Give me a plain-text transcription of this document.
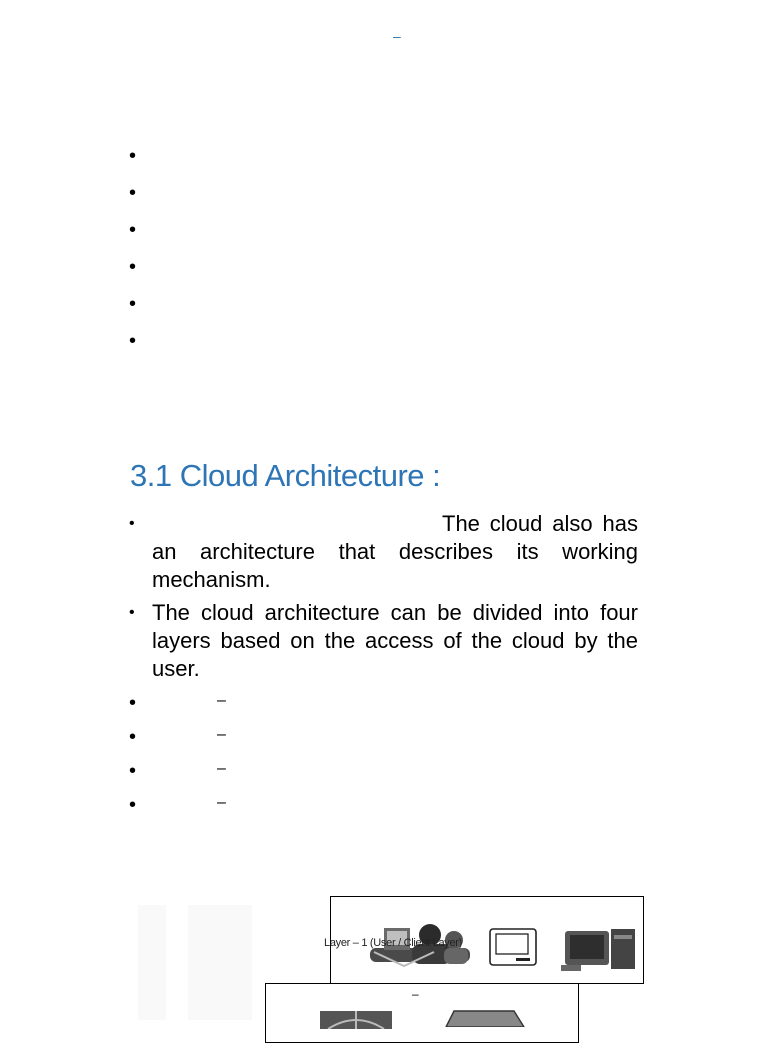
–
•
•
•
•
•
•
3.1 Cloud Architecture :
•	The cloud also has an architecture that describes its working mechanism.

• The cloud architecture can be divided into four layers based on the access of the cloud by the user.

•	–
•	–
•	–
•	–
Layer – 1 (User / Client Layer)
–
